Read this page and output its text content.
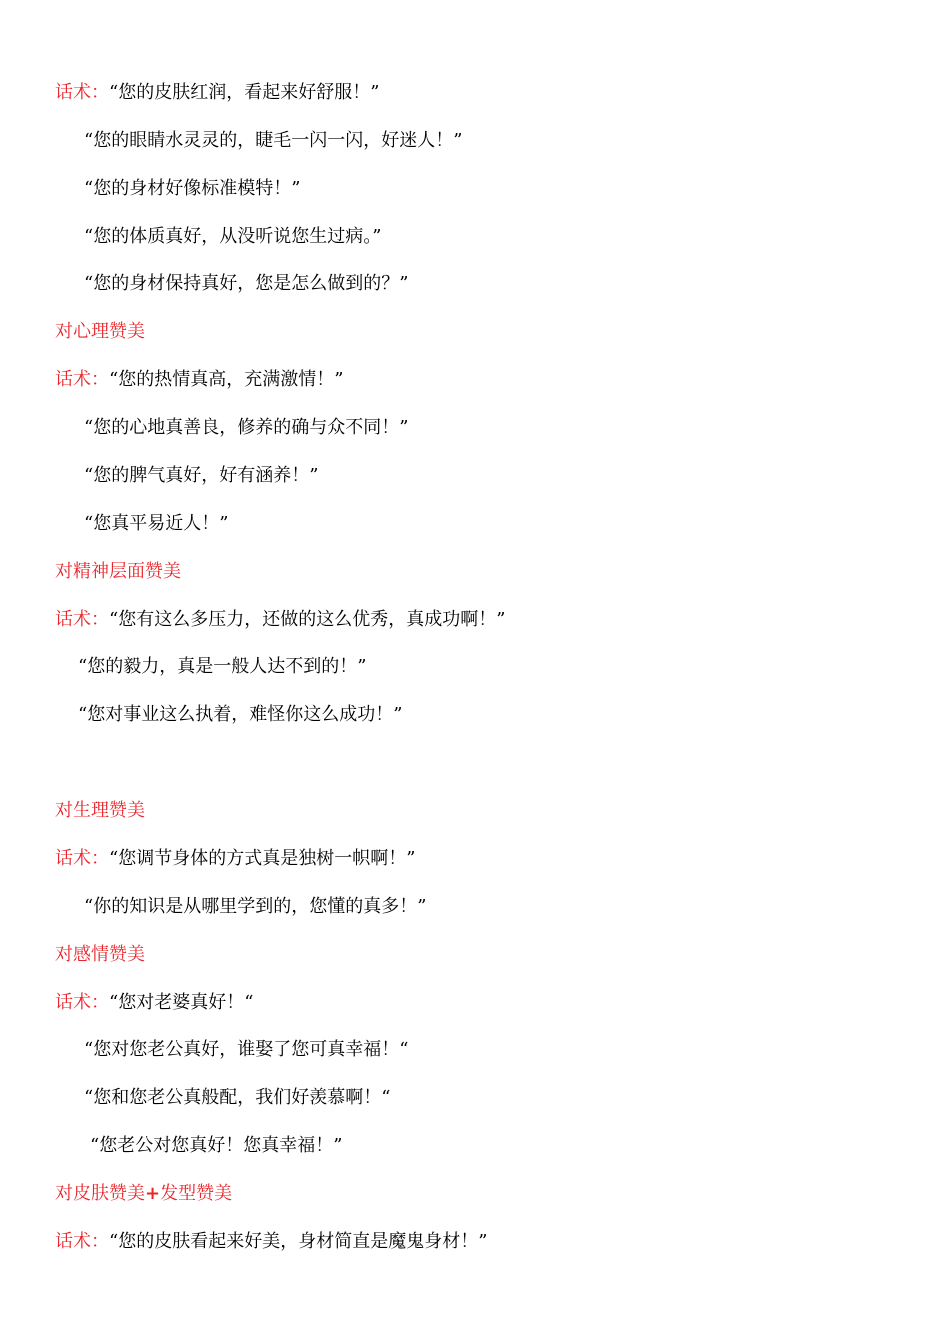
话术：“您的皮肤红润，看起来好舒服！”
“您的眼睛水灵灵的，睫毛一闪一闪，好迷人！”
“您的身材好像标准模特！”
“您的体质真好，从没听说您生过病。”
“您的身材保持真好，您是怎么做到的？”
对心理赞美
话术：“您的热情真高，充满激情！”
“您的心地真善良，修养的确与众不同！”
“您的脾气真好，好有涵养！”
“您真平易近人！”
对精神层面赞美
话术：“您有这么多压力，还做的这么优秀，真成功啊！”
“您的毅力，真是一般人达不到的！”
“您对事业这么执着，难怪你这么成功！”
对生理赞美
话术：“您调节身体的方式真是独树一帜啊！”
“你的知识是从哪里学到的，您懂的真多！”
对感情赞美
话术：“您对老婆真好！“
“您对您老公真好，谁娶了您可真幸福！“
“您和您老公真般配，我们好羡慕啊！“
“您老公对您真好！您真幸福！”
对皮肤赞美+发型赞美
话术：“您的皮肤看起来好美，身材简直是魔鬼身材！”
